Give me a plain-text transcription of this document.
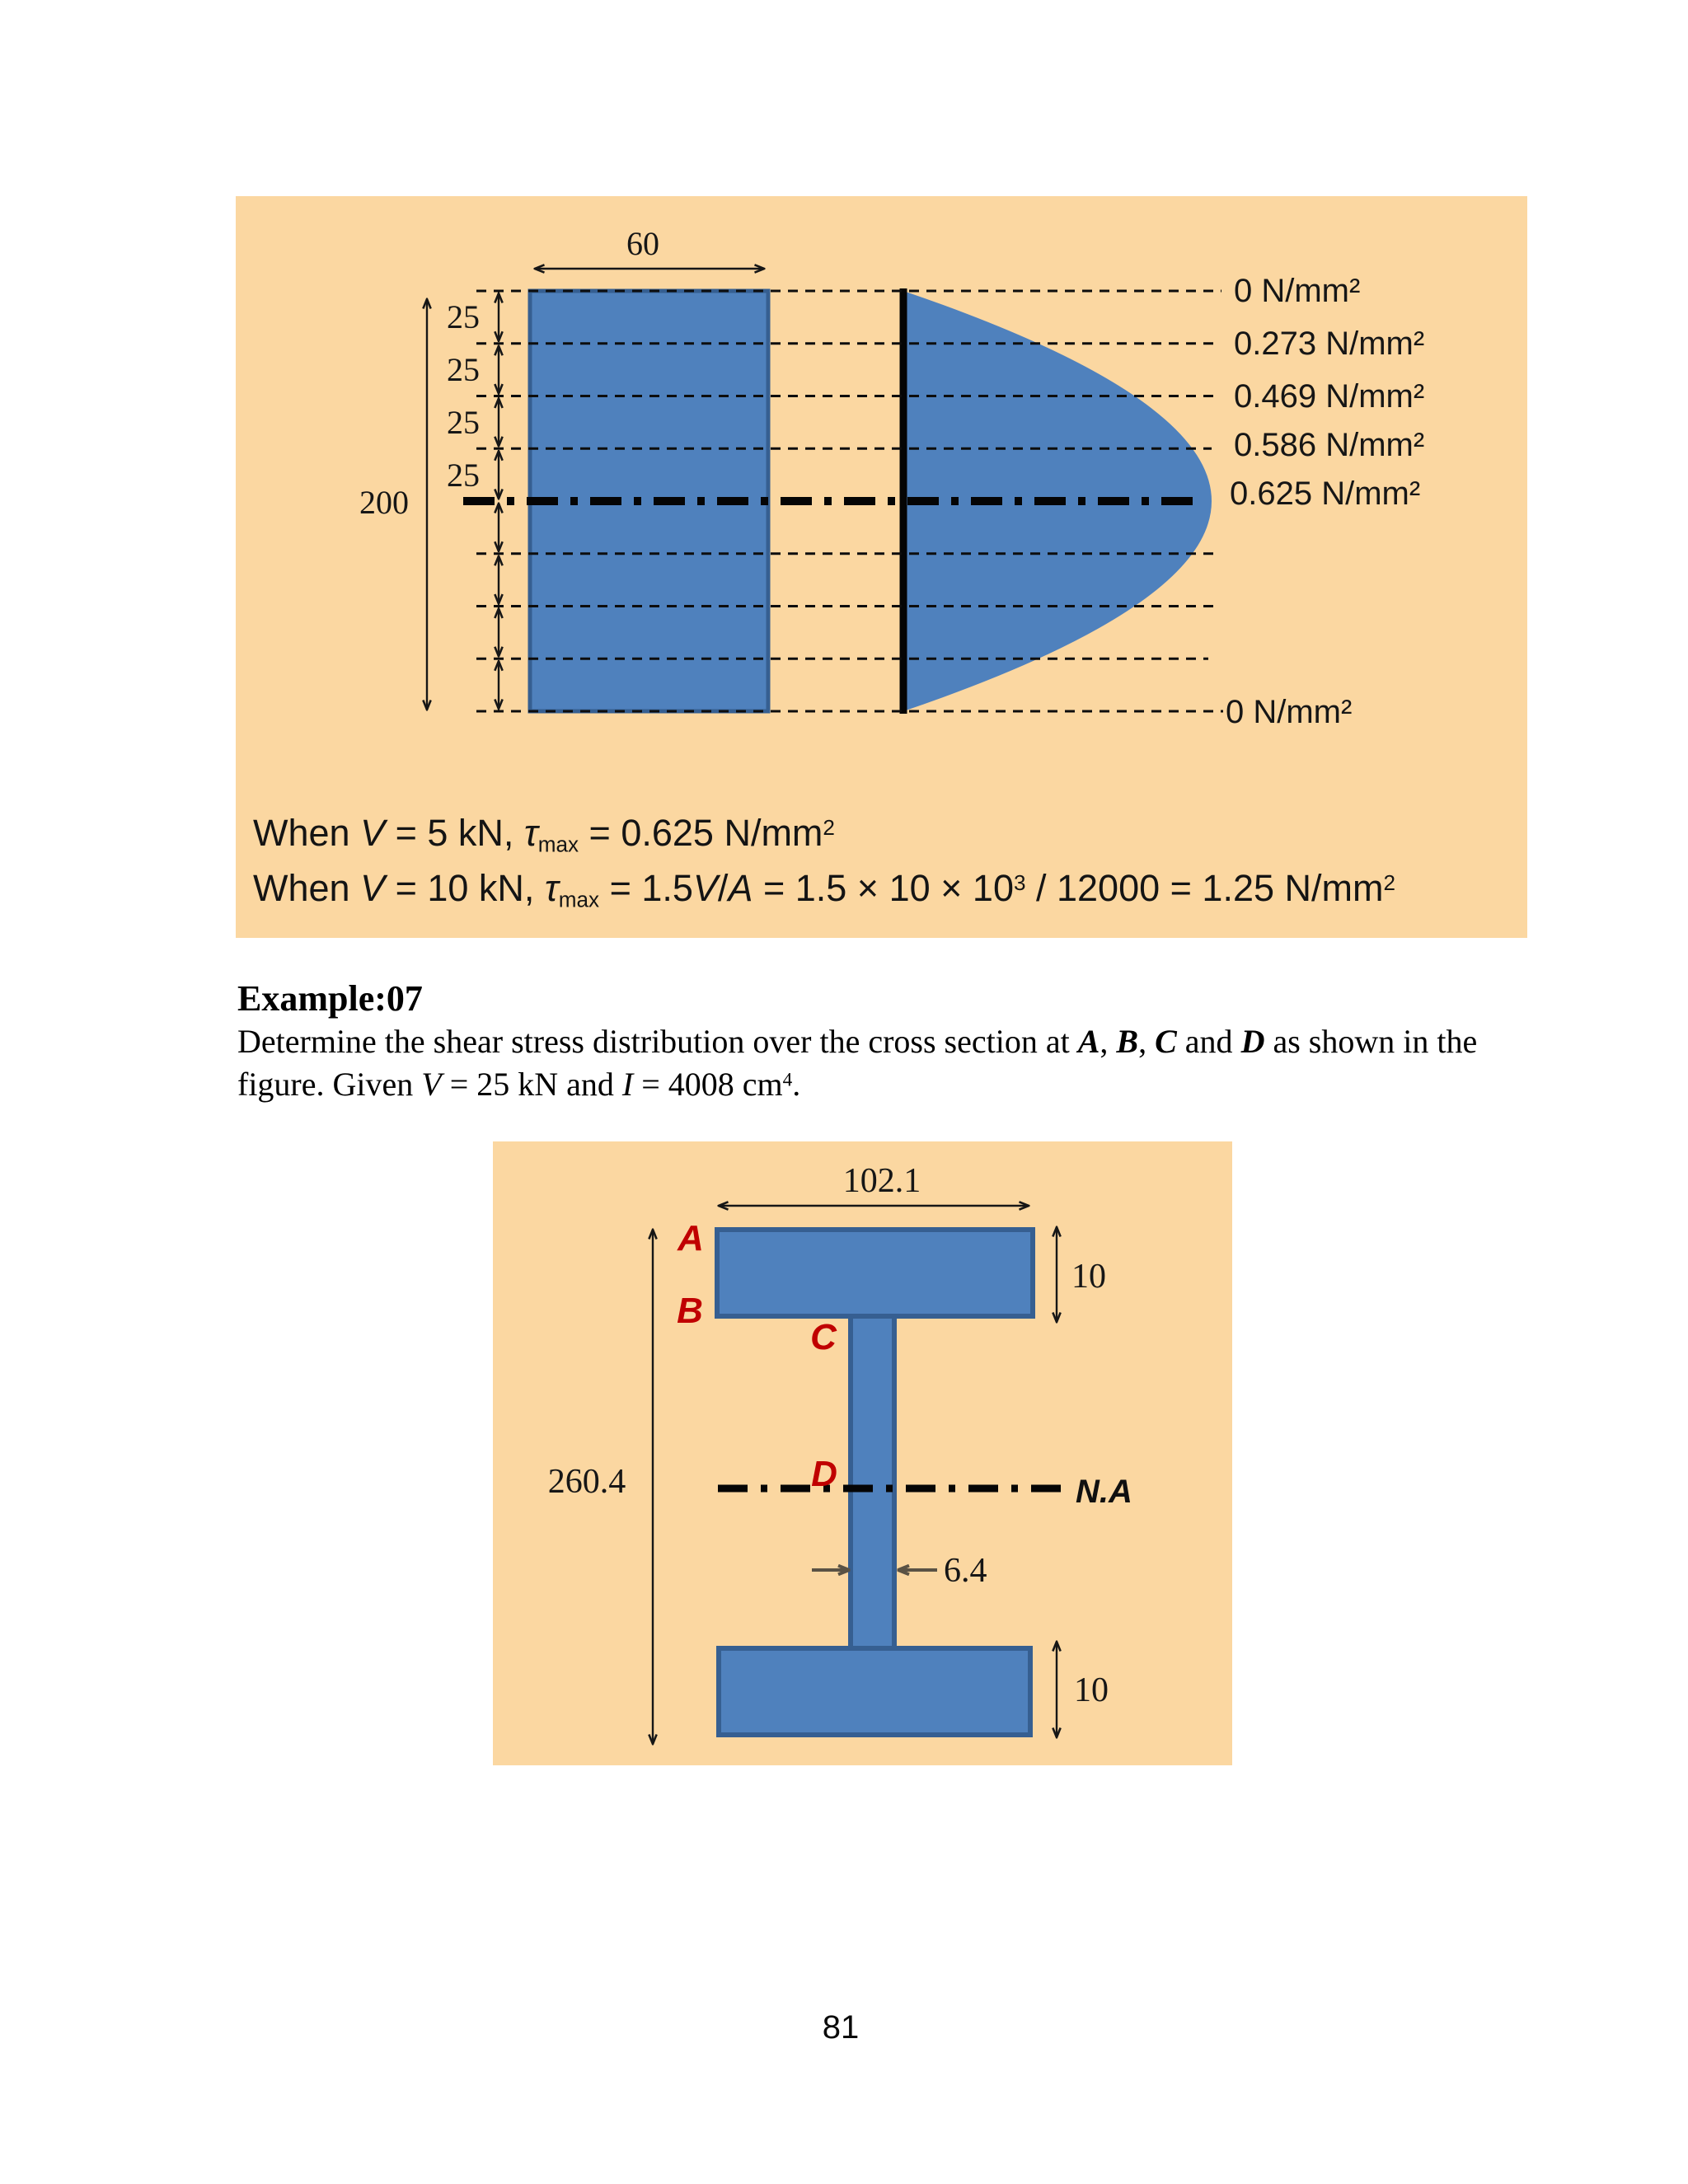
60
200
25
25
25
25
0 N/mm²
0.273 N/mm²
0.469 N/mm²
0.586 N/mm²
0.625 N/mm²
0 N/mm²
When V = 5 kN, τmax = 0.625 $N/mm^2$
When V = 10 kN, $\tau\max = 1.5V/A = 1.5 \times 10 \times 10^3 / 12000 = 1.25$ $N/mm^2$
Example:07
Determine the shear stress distribution over the cross section at A, B, C and D as shown in the
figure. Given V = 25 kN and I = 4008 $cm^4$.
102.1
10
260.4	N.A
6.4
10
A
B
C
D
81
